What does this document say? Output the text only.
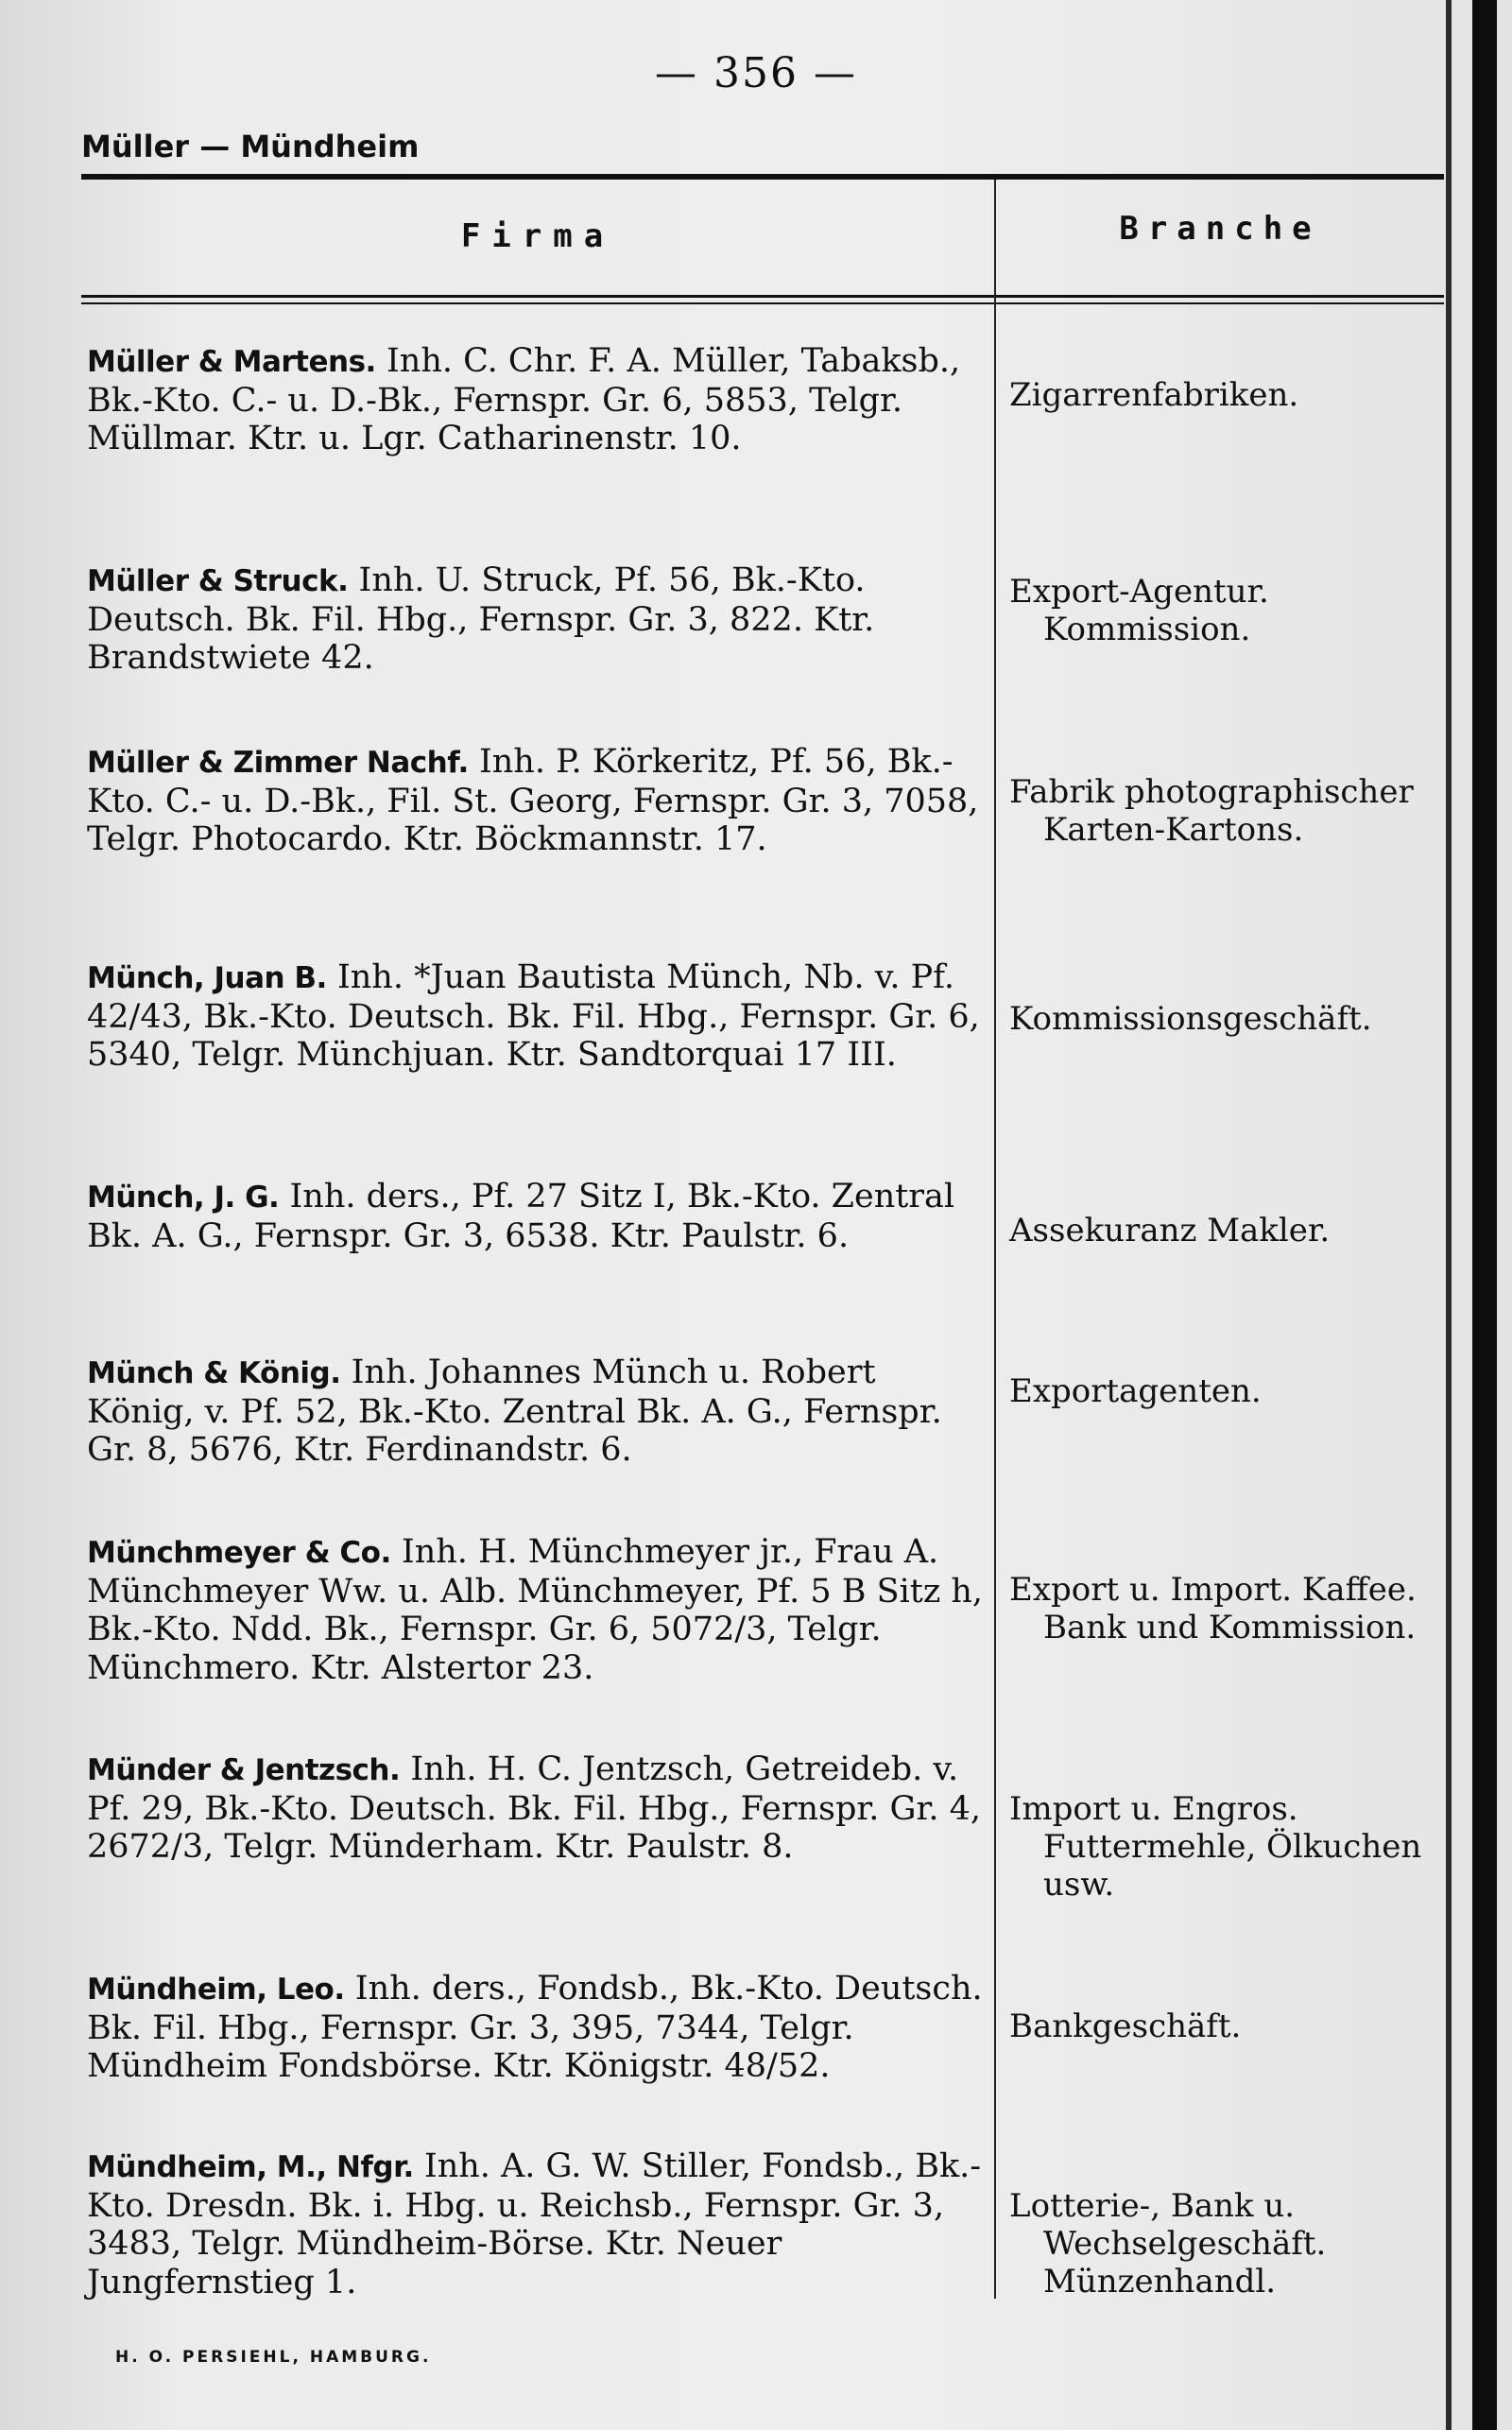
— 356 —
Müller — Mündheim
Firma	Branche
Müller & Martens. Inh. C. Chr. F. A. Müller, Tabaksb., Bk.-Kto. C.- u. D.-Bk., Fernspr. Gr. 6, 5853, Telgr. Müllmar. Ktr. u. Lgr. Catharinenstr. 10.
Zigarrenfabriken.
Müller & Struck. Inh. U. Struck, Pf. 56, Bk.-Kto. Deutsch. Bk. Fil. Hbg., Fernspr. Gr. 3, 822. Ktr. Brandstwiete 42.
Export-Agentur. Kommission.
Müller & Zimmer Nachf. Inh. P. Körkeritz, Pf. 56, Bk.-Kto. C.- u. D.-Bk., Fil. St. Georg, Fernspr. Gr. 3, 7058, Telgr. Photocardo. Ktr. Böckmannstr. 17.
Fabrik photographischer Karten-Kartons.
Münch, Juan B. Inh. *Juan Bautista Münch, Nb. v. Pf. 42/43, Bk.-Kto. Deutsch. Bk. Fil. Hbg., Fernspr. Gr. 6, 5340, Telgr. Münchjuan. Ktr. Sandtorquai 17 III.
Kommissionsgeschäft.
Münch, J. G. Inh. ders., Pf. 27 Sitz I, Bk.-Kto. Zentral Bk. A. G., Fernspr. Gr. 3, 6538. Ktr. Paulstr. 6.	Assekuranz Makler.
Münch & König. Inh. Johannes Münch u. Robert König, v. Pf. 52, Bk.-Kto. Zentral Bk. A. G., Fernspr. Gr. 8, 5676, Ktr. Ferdinandstr. 6.
Exportagenten.
Münchmeyer & Co. Inh. H. Münchmeyer jr., Frau A. Münchmeyer Ww. u. Alb. Münchmeyer, Pf. 5 B Sitz h, Bk.-Kto. Ndd. Bk., Fernspr. Gr. 6, 5072/3, Telgr. Münchmero. Ktr. Alstertor 23.
Export u. Import. Kaffee. Bank und Kommission.
Münder & Jentzsch. Inh. H. C. Jentzsch, Getreideb. v. Pf. 29, Bk.-Kto. Deutsch. Bk. Fil. Hbg., Fernspr. Gr. 4, 2672/3, Telgr. Münderham. Ktr. Paulstr. 8.
Import u. Engros. Futtermehle, Ölkuchen usw.
Mündheim, Leo. Inh. ders., Fondsb., Bk.-Kto. Deutsch. Bk. Fil. Hbg., Fernspr. Gr. 3, 395, 7344, Telgr. Mündheim Fondsbörse. Ktr. Königstr. 48/52.
Bankgeschäft.
Mündheim, M., Nfgr. Inh. A. G. W. Stiller, Fondsb., Bk.-Kto. Dresdn. Bk. i. Hbg. u. Reichsb., Fernspr. Gr. 3, 3483, Telgr. Mündheim-Börse. Ktr. Neuer Jungfernstieg 1.
Lotterie-, Bank u. Wechselgeschäft. Münzenhandl.
H. O. PERSIEHL, HAMBURG.
